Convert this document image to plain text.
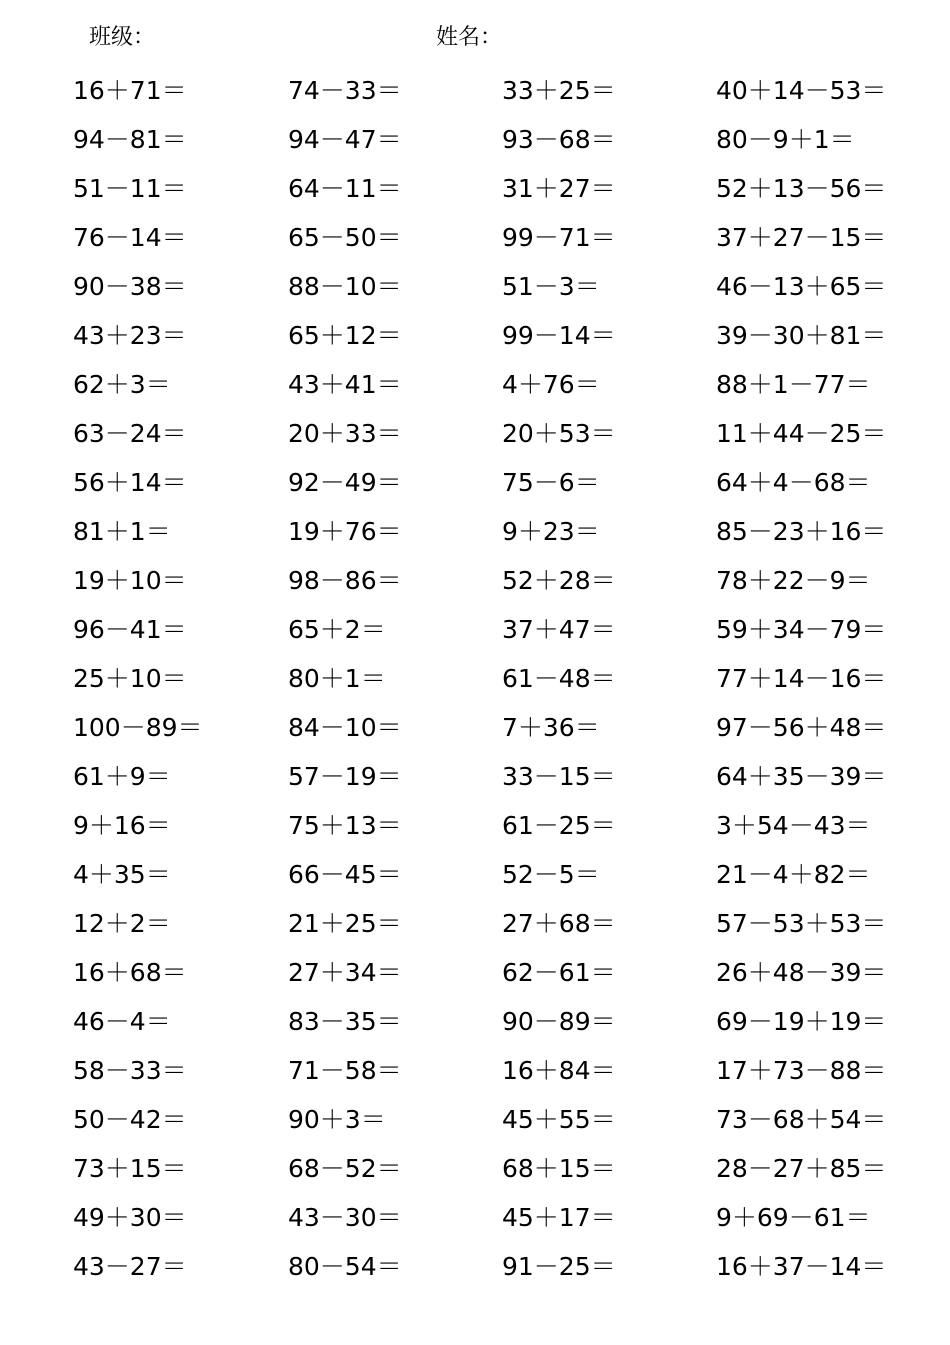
班级：	姓名：
16＋71＝	74－33＝	33＋25＝	40＋14－53＝
94－81＝	94－47＝	93－68＝	80－9＋1＝
51－11＝	64－11＝	31＋27＝	52＋13－56＝
76－14＝	65－50＝	99－71＝	37＋27－15＝
90－38＝	88－10＝	51－3＝	46－13＋65＝
43＋23＝	65＋12＝	99－14＝	39－30＋81＝
62＋3＝	43＋41＝	4＋76＝	88＋1－77＝
63－24＝	20＋33＝	20＋53＝	11＋44－25＝
56＋14＝	92－49＝	75－6＝	64＋4－68＝
81＋1＝	19＋76＝	9＋23＝	85－23＋16＝
19＋10＝	98－86＝	52＋28＝	78＋22－9＝
96－41＝	65＋2＝	37＋47＝	59＋34－79＝
25＋10＝	80＋1＝	61－48＝	77＋14－16＝
100－89＝	84－10＝	7＋36＝	97－56＋48＝
61＋9＝	57－19＝	33－15＝	64＋35－39＝
9＋16＝	75＋13＝	61－25＝	3＋54－43＝
4＋35＝	66－45＝	52－5＝	21－4＋82＝
12＋2＝	21＋25＝	27＋68＝	57－53＋53＝
16＋68＝	27＋34＝	62－61＝	26＋48－39＝
46－4＝	83－35＝	90－89＝	69－19＋19＝
58－33＝	71－58＝	16＋84＝	17＋73－88＝
50－42＝	90＋3＝	45＋55＝	73－68＋54＝
73＋15＝	68－52＝	68＋15＝	28－27＋85＝
49＋30＝	43－30＝	45＋17＝	9＋69－61＝
43－27＝	80－54＝	91－25＝	16＋37－14＝
